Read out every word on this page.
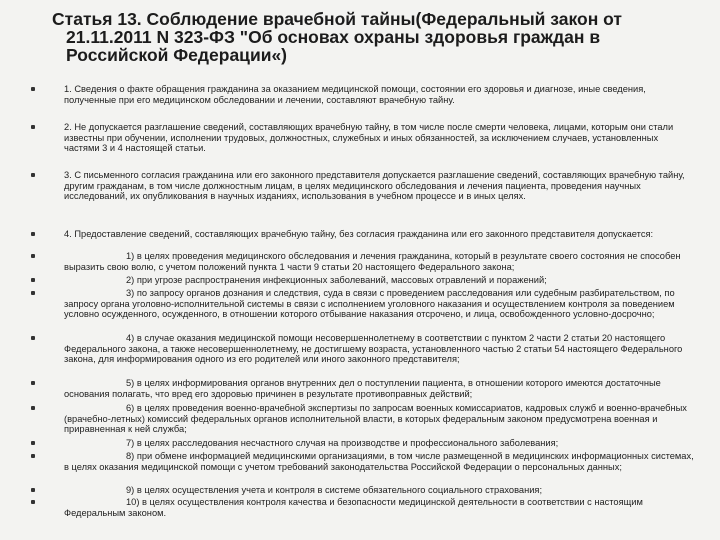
Статья 13. Соблюдение врачебной тайны(Федеральный закон от
21.11.2011 N 323-ФЗ "Об основах охраны здоровья граждан в
Российской Федерации«)
1. Сведения о факте обращения гражданина за оказанием медицинской помощи, состоянии его здоровья и диагнозе, иные сведения, полученные при его медицинском обследовании и лечении, составляют врачебную тайну.
2. Не допускается разглашение сведений, составляющих врачебную тайну, в том числе после смерти человека, лицами, которым они стали известны при обучении, исполнении трудовых, должностных, служебных и иных обязанностей, за исключением случаев, установленных частями 3 и 4 настоящей статьи.
3. С письменного согласия гражданина или его законного представителя допускается разглашение сведений, составляющих врачебную тайну, другим гражданам, в том числе должностным лицам, в целях медицинского обследования и лечения пациента, проведения научных исследований, их опубликования в научных изданиях, использования в учебном процессе и в иных целях.
4. Предоставление сведений, составляющих врачебную тайну, без согласия гражданина или его законного представителя допускается:
1) в целях проведения медицинского обследования и лечения гражданина, который в результате своего состояния не способен выразить свою волю, с учетом положений пункта 1 части 9 статьи 20 настоящего Федерального закона;
2) при угрозе распространения инфекционных заболеваний, массовых отравлений и поражений;
3) по запросу органов дознания и следствия, суда в связи с проведением расследования или судебным разбирательством, по запросу органа уголовно-исполнительной системы в связи с исполнением уголовного наказания и осуществлением контроля за поведением условно осужденного, осужденного, в отношении которого отбывание наказания отсрочено, и лица, освобожденного условно-досрочно;
4) в случае оказания медицинской помощи несовершеннолетнему в соответствии с пунктом 2 части 2 статьи 20 настоящего Федерального закона, а также несовершеннолетнему, не достигшему возраста, установленного частью 2 статьи 54 настоящего Федерального закона, для информирования одного из его родителей или иного законного представителя;
5) в целях информирования органов внутренних дел о поступлении пациента, в отношении которого имеются достаточные основания полагать, что вред его здоровью причинен в результате противоправных действий;
6) в целях проведения военно-врачебной экспертизы по запросам военных комиссариатов, кадровых служб и военно-врачебных (врачебно-летных) комиссий федеральных органов исполнительной власти, в которых федеральным законом предусмотрена военная и приравненная к ней служба;
7) в целях расследования несчастного случая на производстве и профессионального заболевания;
8) при обмене информацией медицинскими организациями, в том числе размещенной в медицинских информационных системах, в целях оказания медицинской помощи с учетом требований законодательства Российской Федерации о персональных данных;
9) в целях осуществления учета и контроля в системе обязательного социального страхования;
10) в целях осуществления контроля качества и безопасности медицинской деятельности в соответствии с настоящим Федеральным законом.
